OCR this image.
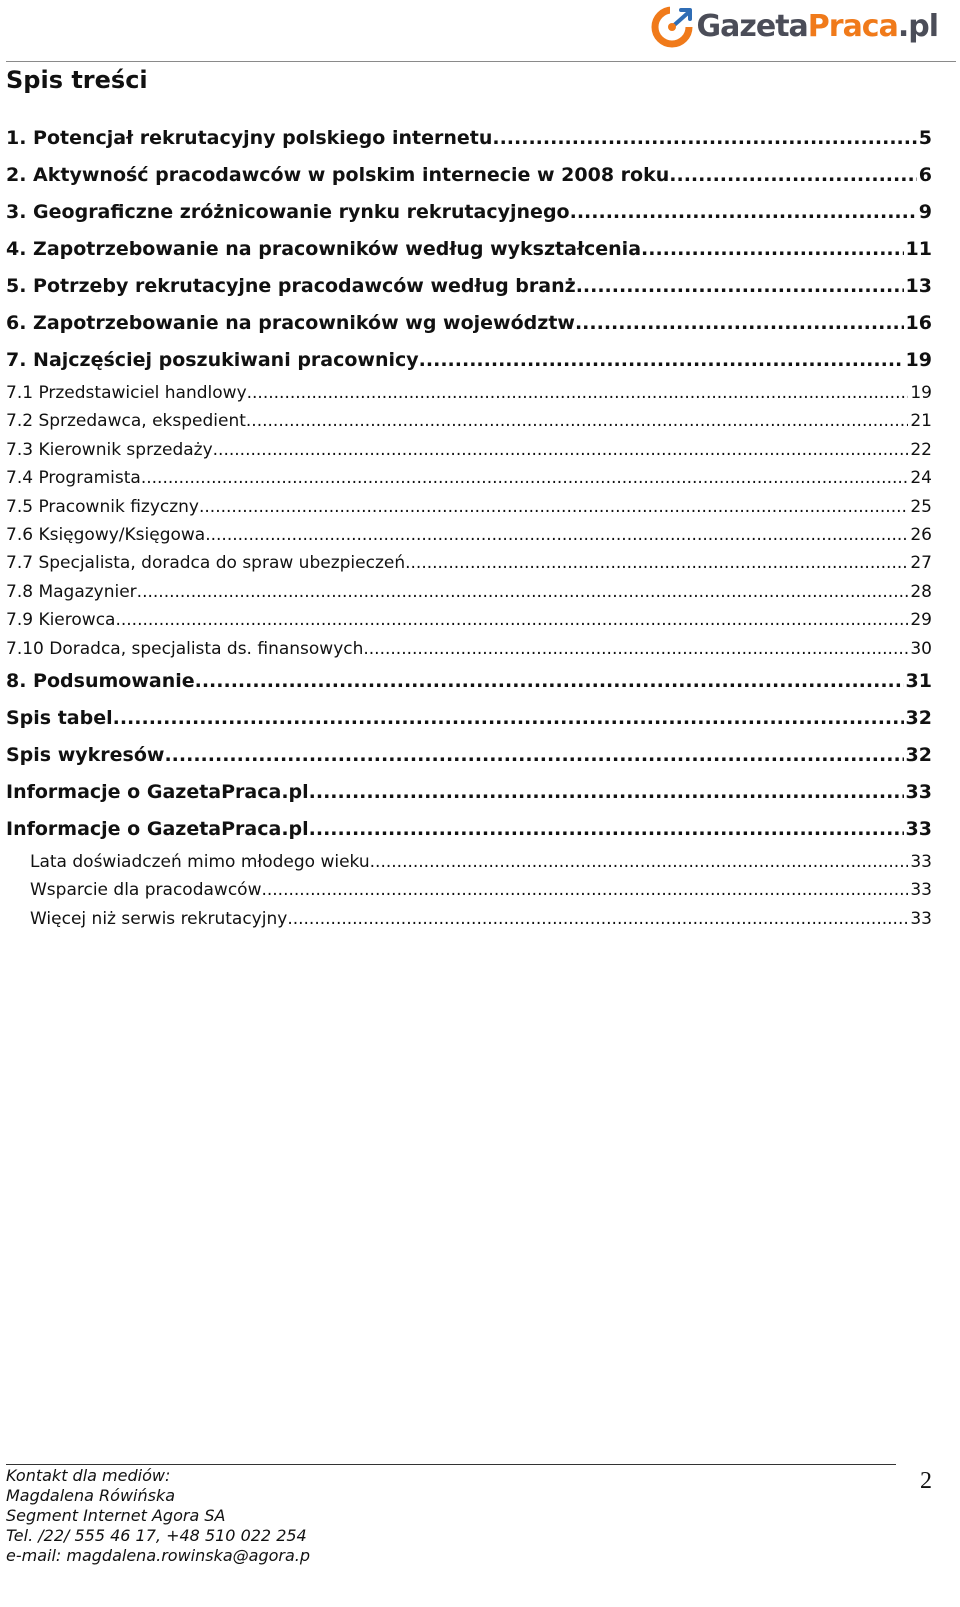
GazetaPraca.pl
Spis treści
1. Potencjał rekrutacyjny polskiego internetu .....	5
2. Aktywność pracodawców w polskim internecie w 2008 roku .....	6
3. Geograficzne zróżnicowanie rynku rekrutacyjnego .....	9
4. Zapotrzebowanie na pracowników według wykształcenia .....	11
5. Potrzeby rekrutacyjne pracodawców według branż .....	13
6. Zapotrzebowanie na pracowników wg województw .....	16
7. Najczęściej poszukiwani pracownicy .....	19
7.1 Przedstawiciel handlowy .....	19
7.2 Sprzedawca, ekspedient .....	21
7.3 Kierownik sprzedaży .....	22
7.4 Programista .....	24
7.5 Pracownik fizyczny .....	25
7.6 Księgowy/Księgowa .....	26
7.7 Specjalista, doradca do spraw ubezpieczeń .....	27
7.8 Magazynier .....	28
7.9 Kierowca .....	29
7.10 Doradca, specjalista ds. finansowych .....	30
8. Podsumowanie .....	31
Spis tabel .....	32
Spis wykresów .....	32
Informacje o GazetaPraca.pl .....	33
Informacje o GazetaPraca.pl .....	33
Lata doświadczeń mimo młodego wieku .....	33
Wsparcie dla pracodawców .....	33
Więcej niż serwis rekrutacyjny .....	33
Kontakt dla mediów:
Magdalena Rówińska
Segment Internet Agora SA
Tel. /22/ 555 46 17, +48 510 022 254
e-mail: magdalena.rowinska@agora.p
2
